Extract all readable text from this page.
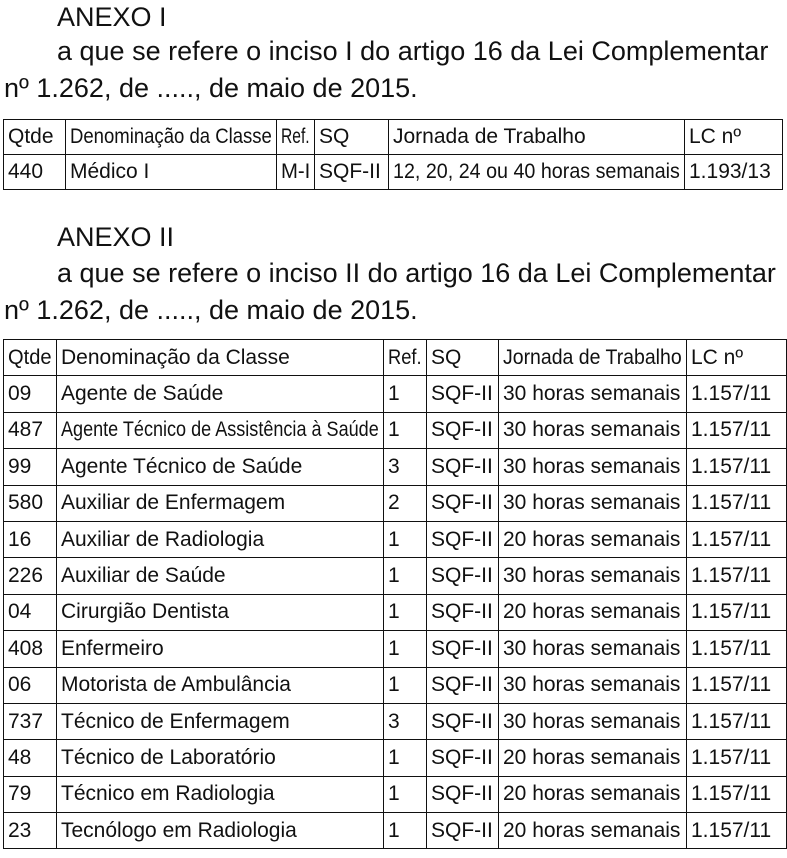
ANEXO I
a que se refere o inciso I do artigo 16 da Lei Complementar
nº 1.262, de ....., de maio de 2015.
Qtde	Denominação da Classe	Ref.	SQ	Jornada de Trabalho	LC nº
440	Médico I	M-I	SQF-II	12, 20, 24 ou 40 horas semanais	1.193/13
ANEXO II
a que se refere o inciso II do artigo 16 da Lei Complementar
nº 1.262, de ....., de maio de 2015.
Qtde	Denominação da Classe	Ref.	SQ	Jornada de Trabalho	LC nº
09	Agente de Saúde	1	SQF-II	30 horas semanais	1.157/11
487	Agente Técnico de Assistência à Saúde	1	SQF-II	30 horas semanais	1.157/11
99	Agente Técnico de Saúde	3	SQF-II	30 horas semanais	1.157/11
580	Auxiliar de Enfermagem	2	SQF-II	30 horas semanais	1.157/11
16	Auxiliar de Radiologia	1	SQF-II	20 horas semanais	1.157/11
226	Auxiliar de Saúde	1	SQF-II	30 horas semanais	1.157/11
04	Cirurgião Dentista	1	SQF-II	20 horas semanais	1.157/11
408	Enfermeiro	1	SQF-II	30 horas semanais	1.157/11
06	Motorista de Ambulância	1	SQF-II	30 horas semanais	1.157/11
737	Técnico de Enfermagem	3	SQF-II	30 horas semanais	1.157/11
48	Técnico de Laboratório	1	SQF-II	20 horas semanais	1.157/11
79	Técnico em Radiologia	1	SQF-II	20 horas semanais	1.157/11
23	Tecnólogo em Radiologia	1	SQF-II	20 horas semanais	1.157/11
